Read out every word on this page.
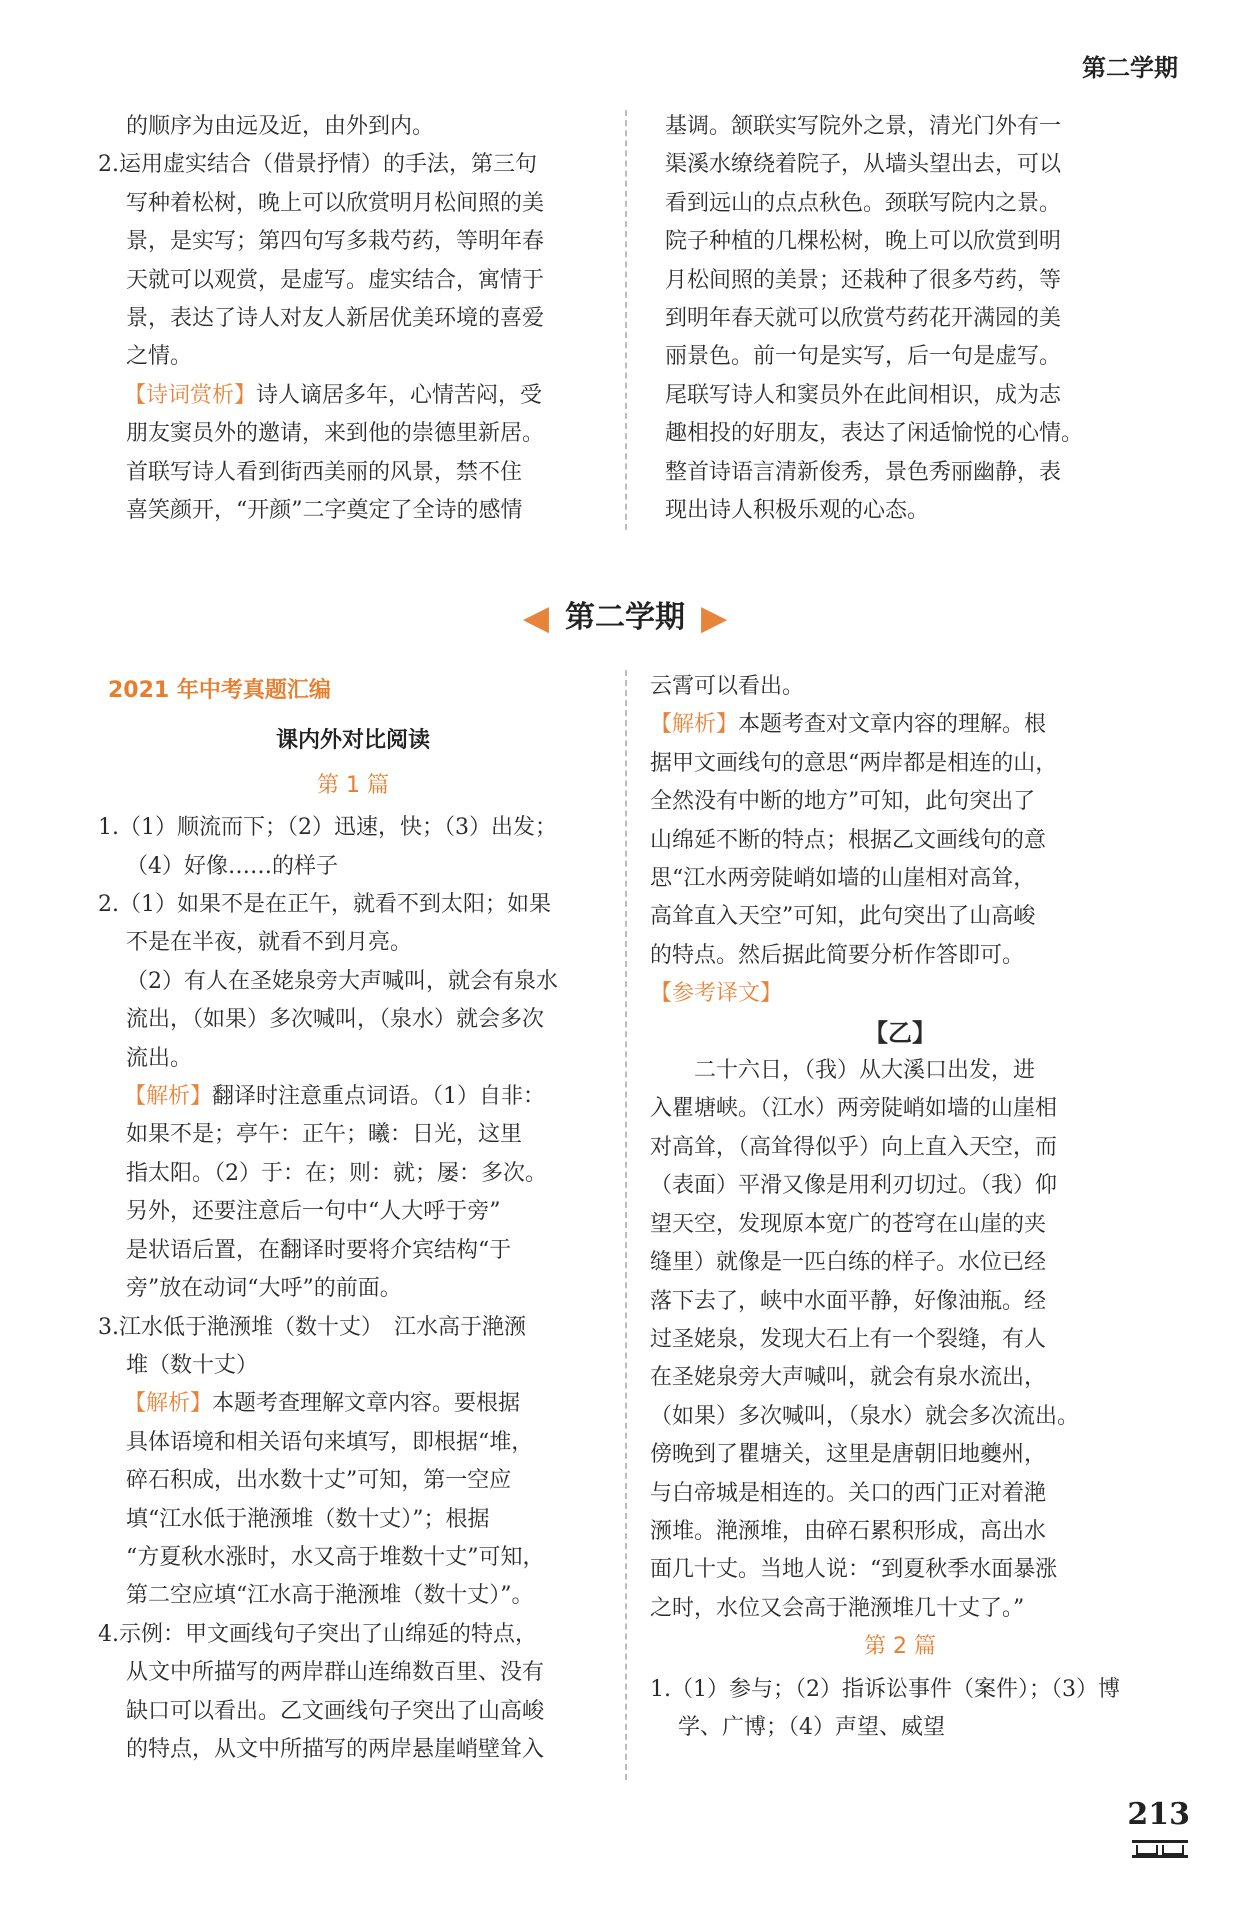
第二学期

的顺序为由远及近，由外到内。

2.运用虚实结合（借景抒情）的手法，第三句

写种着松树，晚上可以欣赏明月松间照的美

景，是实写；第四句写多栽芍药，等明年春

天就可以观赏，是虚写。虚实结合，寓情于

景，表达了诗人对友人新居优美环境的喜爱

之情。

【诗词赏析】诗人谪居多年，心情苦闷，受

朋友窦员外的邀请，来到他的崇德里新居。

首联写诗人看到街西美丽的风景，禁不住

喜笑颜开，“开颜”二字奠定了全诗的感情

基调。颔联实写院外之景，清光门外有一

渠溪水缭绕着院子，从墙头望出去，可以

看到远山的点点秋色。颈联写院内之景。

院子种植的几棵松树，晚上可以欣赏到明

月松间照的美景；还栽种了很多芍药，等

到明年春天就可以欣赏芍药花开满园的美

丽景色。前一句是实写，后一句是虚写。

尾联写诗人和窦员外在此间相识，成为志

趣相投的好朋友，表达了闲适愉悦的心情。

整首诗语言清新俊秀，景色秀丽幽静，表

现出诗人积极乐观的心态。

◀ 第二学期 ▶
2021 年中考真题汇编
课内外对比阅读
第 1 篇

1.（1）顺流而下；（2）迅速，快；（3）出发；

（4）好像……的样子

2.（1）如果不是在正午，就看不到太阳；如果

不是在半夜，就看不到月亮。

（2）有人在圣姥泉旁大声喊叫，就会有泉水

流出，（如果）多次喊叫，（泉水）就会多次

流出。

【解析】翻译时注意重点词语。（1）自非：

如果不是；亭午：正午；曦：日光，这里

指太阳。（2）于：在；则：就；屡：多次。

另外，还要注意后一句中“人大呼于旁”

是状语后置，在翻译时要将介宾结构“于

旁”放在动词“大呼”的前面。

3.江水低于滟滪堆（数十丈）　江水高于滟滪

堆（数十丈）

【解析】本题考查理解文章内容。要根据

具体语境和相关语句来填写，即根据“堆，

碎石积成，出水数十丈”可知，第一空应

填“江水低于滟滪堆（数十丈）”；根据

“方夏秋水涨时，水又高于堆数十丈”可知，

第二空应填“江水高于滟滪堆（数十丈）”。

4.示例：甲文画线句子突出了山绵延的特点，

从文中所描写的两岸群山连绵数百里、没有

缺口可以看出。乙文画线句子突出了山高峻

的特点，从文中所描写的两岸悬崖峭壁耸入

云霄可以看出。

【解析】本题考查对文章内容的理解。根

据甲文画线句的意思“两岸都是相连的山，

全然没有中断的地方”可知，此句突出了

山绵延不断的特点；根据乙文画线句的意

思“江水两旁陡峭如墙的山崖相对高耸，

高耸直入天空”可知，此句突出了山高峻

的特点。然后据此简要分析作答即可。

【参考译文】

【乙】

二十六日，（我）从大溪口出发，进

入瞿塘峡。（江水）两旁陡峭如墙的山崖相

对高耸，（高耸得似乎）向上直入天空，而

（表面）平滑又像是用利刃切过。（我）仰

望天空，发现原本宽广的苍穹在山崖的夹

缝里）就像是一匹白练的样子。水位已经

落下去了，峡中水面平静，好像油瓶。经

过圣姥泉，发现大石上有一个裂缝，有人

在圣姥泉旁大声喊叫，就会有泉水流出，

（如果）多次喊叫，（泉水）就会多次流出。

傍晚到了瞿塘关，这里是唐朝旧地夔州，

与白帝城是相连的。关口的西门正对着滟

滪堆。滟滪堆，由碎石累积形成，高出水

面几十丈。当地人说：“到夏秋季水面暴涨

之时，水位又会高于滟滪堆几十丈了。”

第 2 篇

1.（1）参与；（2）指诉讼事件（案件）；（3）博

学、广博；（4）声望、威望

213
